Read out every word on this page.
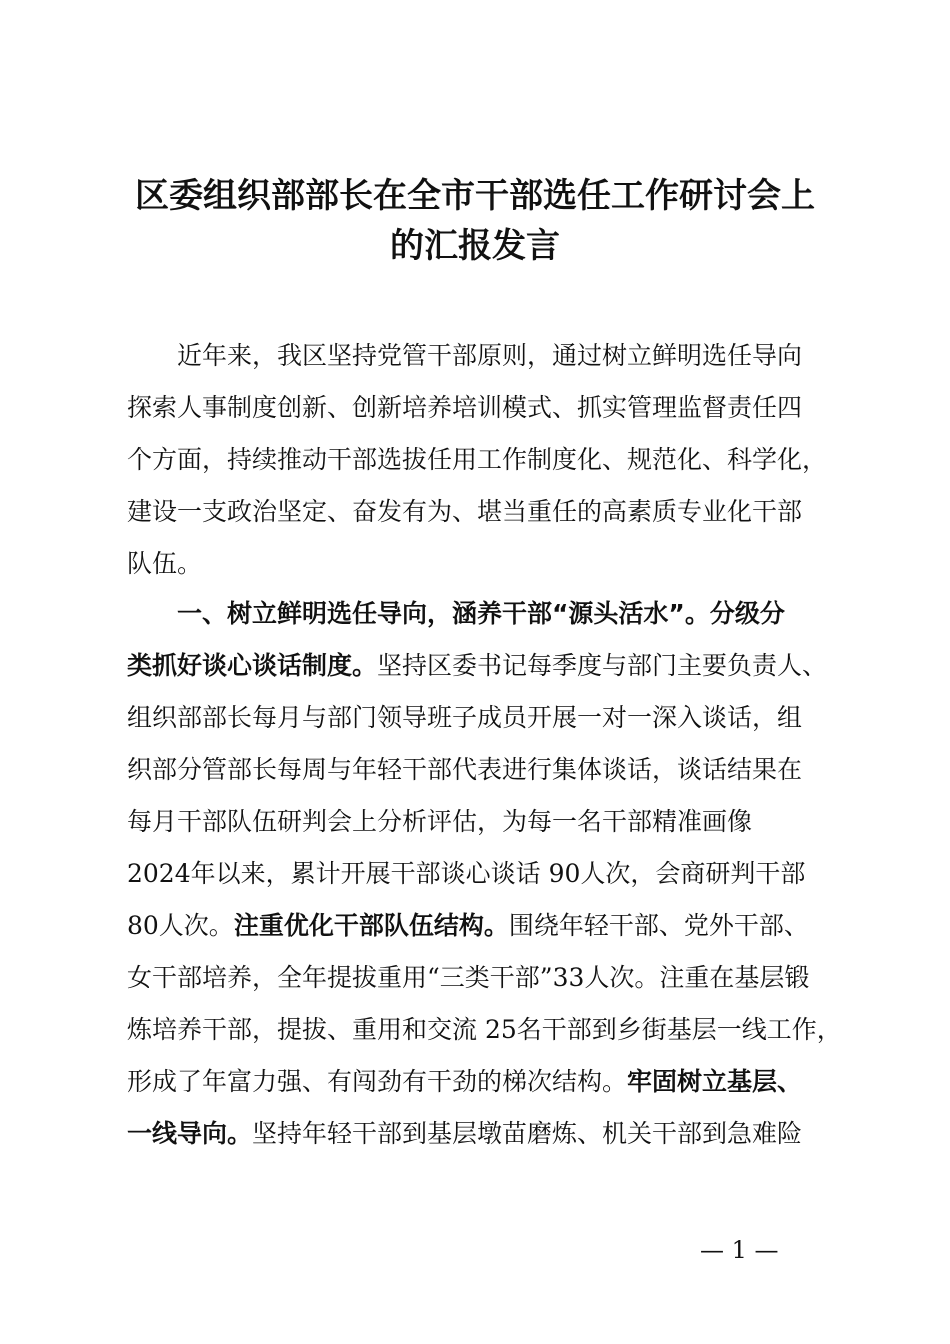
区委组织部部长在全市干部选任工作研讨会上
的汇报发言
近年来，我区坚持党管干部原则，通过树立鲜明选任导向
探索人事制度创新、创新培养培训模式、抓实管理监督责任四
个方面，持续推动干部选拔任用工作制度化、规范化、科学化，
建设一支政治坚定、奋发有为、堪当重任的高素质专业化干部
队伍。
一、树立鲜明选任导向，涵养干部“源头活水”。分级分
类抓好谈心谈话制度。坚持区委书记每季度与部门主要负责人、
组织部部长每月与部门领导班子成员开展一对一深入谈话，组
织部分管部长每周与年轻干部代表进行集体谈话，谈话结果在
每月干部队伍研判会上分析评估，为每一名干部精准画像
2024年以来，累计开展干部谈心谈话 90人次，会商研判干部
80人次。注重优化干部队伍结构。围绕年轻干部、党外干部、
女干部培养，全年提拔重用“三类干部”33人次。注重在基层锻
炼培养干部，提拔、重用和交流 25名干部到乡街基层一线工作，
形成了年富力强、有闯劲有干劲的梯次结构。牢固树立基层、
一线导向。坚持年轻干部到基层墩苗磨炼、机关干部到急难险
— 1 —
